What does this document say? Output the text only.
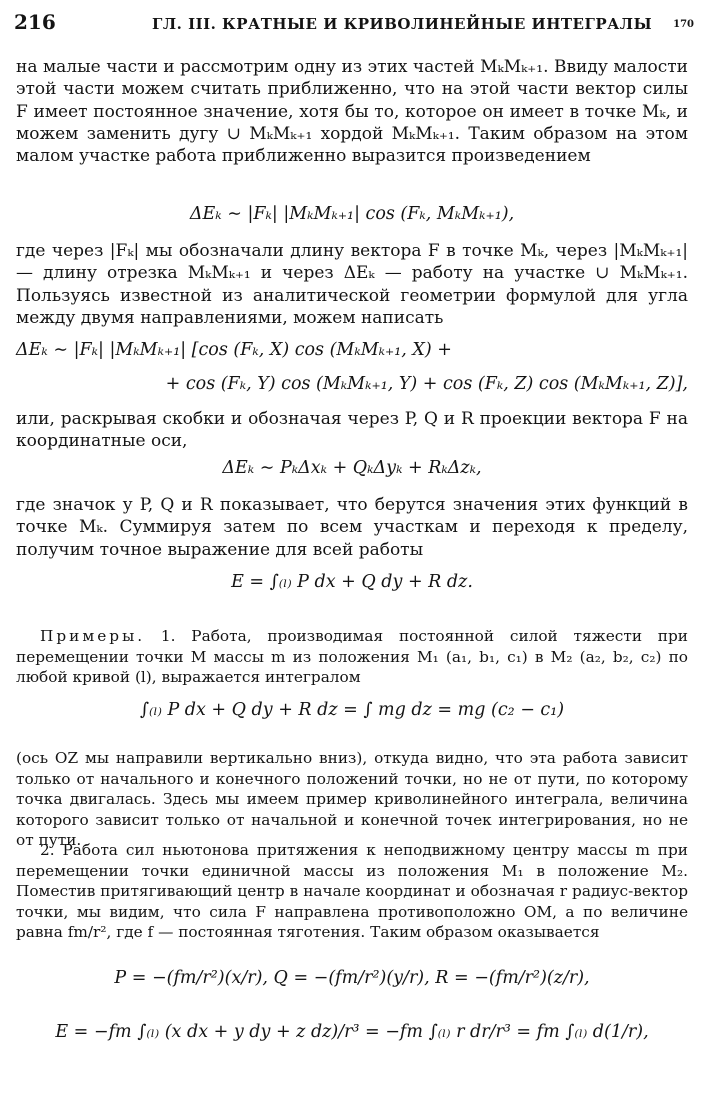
216	ГЛ. III. КРАТНЫЕ И КРИВОЛИНЕЙНЫЕ ИНТЕГРАЛЫ 170
на малые части и рассмотрим одну из этих частей MₖMₖ₊₁. Ввиду малости этой части можем считать приближенно, что на этой части вектор силы F имеет постоянное значение, хотя бы то, которое он имеет в точке Mₖ, и можем заменить дугу ∪ MₖMₖ₊₁ хордой MₖMₖ₊₁. Таким образом на этом малом участке работа приближенно выразится произведением
ΔEₖ ∼ |Fₖ| |MₖMₖ₊₁| cos (Fₖ, MₖMₖ₊₁),
где через |Fₖ| мы обозначали длину вектора F в точке Mₖ, через |MₖMₖ₊₁| — длину отрезка MₖMₖ₊₁ и через ΔEₖ — работу на участке ∪ MₖMₖ₊₁. Пользуясь известной из аналитической геометрии формулой для угла между двумя направлениями, можем написать
ΔEₖ ∼ |Fₖ| |MₖMₖ₊₁| [cos (Fₖ, X) cos (MₖMₖ₊₁, X) +
+ cos (Fₖ, Y) cos (MₖMₖ₊₁, Y) + cos (Fₖ, Z) cos (MₖMₖ₊₁, Z)],
или, раскрывая скобки и обозначая через P, Q и R проекции вектора F на координатные оси,
ΔEₖ ∼ PₖΔxₖ + QₖΔyₖ + RₖΔzₖ,
где значок у P, Q и R показывает, что берутся значения этих функций в точке Mₖ. Суммируя затем по всем участкам и переходя к пределу, получим точное выражение для всей работы
E = ∫₍ₗ₎ P dx + Q dy + R dz.
Примеры. 1. Работа, производимая постоянной силой тяжести при перемещении точки M массы m из положения M₁ (a₁, b₁, c₁) в M₂ (a₂, b₂, c₂) по любой кривой (l), выражается интегралом
∫₍ₗ₎ P dx + Q dy + R dz = ∫ mg dz = mg (c₂ − c₁)
(ось OZ мы направили вертикально вниз), откуда видно, что эта работа зависит только от начального и конечного положений точки, но не от пути, по которому точка двигалась. Здесь мы имеем пример криволинейного интеграла, величина которого зависит только от начальной и конечной точек интегрирования, но не от пути.
2. Работа сил ньютонова притяжения к неподвижному центру массы m при перемещении точки единичной массы из положения M₁ в положение M₂. Поместив притягивающий центр в начале координат и обозначая r радиус-вектор точки, мы видим, что сила F направлена противоположно OM, а по величине равна fm/r², где f — постоянная тяготения. Таким образом оказывается
P = −(fm/r²)(x/r), Q = −(fm/r²)(y/r), R = −(fm/r²)(z/r),
E = −fm ∫₍ₗ₎ (x dx + y dy + z dz)/r³ = −fm ∫₍ₗ₎ r dr/r³ = fm ∫₍ₗ₎ d(1/r),
